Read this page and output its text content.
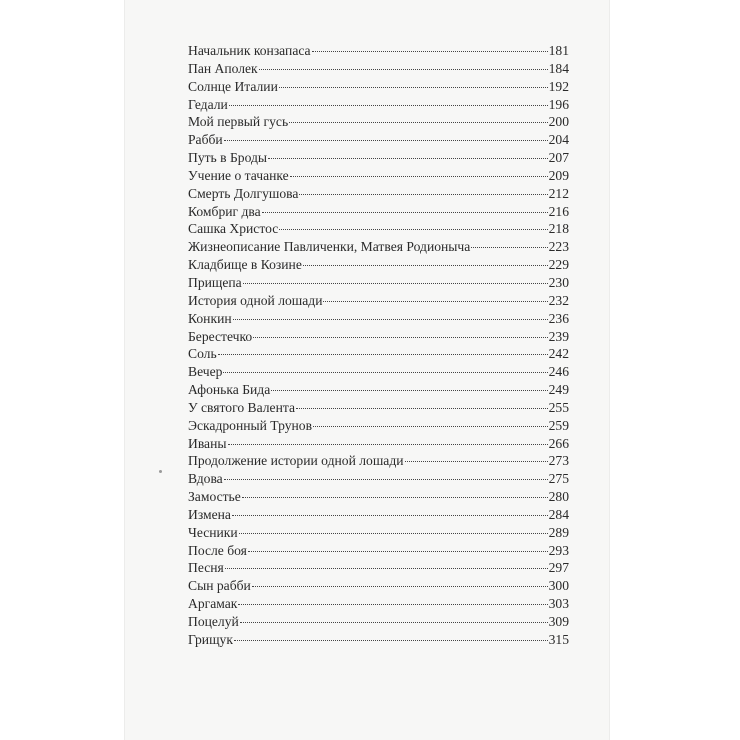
Начальник конзапаса	181
Пан Аполек	184
Солнце Италии	192
Гедали	196
Мой первый гусь	200
Рабби	204
Путь в Броды	207
Учение о тачанке	209
Смерть Долгушова	212
Комбриг два	216
Сашка Христос	218
Жизнеописание Павличенки, Матвея Родионыча	223
Кладбище в Козине	229
Прищепа	230
История одной лошади	232
Конкин	236
Берестечко	239
Соль	242
Вечер	246
Афонька Бида	249
У святого Валента	255
Эскадронный Трунов	259
Иваны	266
Продолжение истории одной лошади	273
Вдова	275
Замостье	280
Измена	284
Чесники	289
После боя	293
Песня	297
Сын рабби	300
Аргамак	303
Поцелуй	309
Грищук	315
